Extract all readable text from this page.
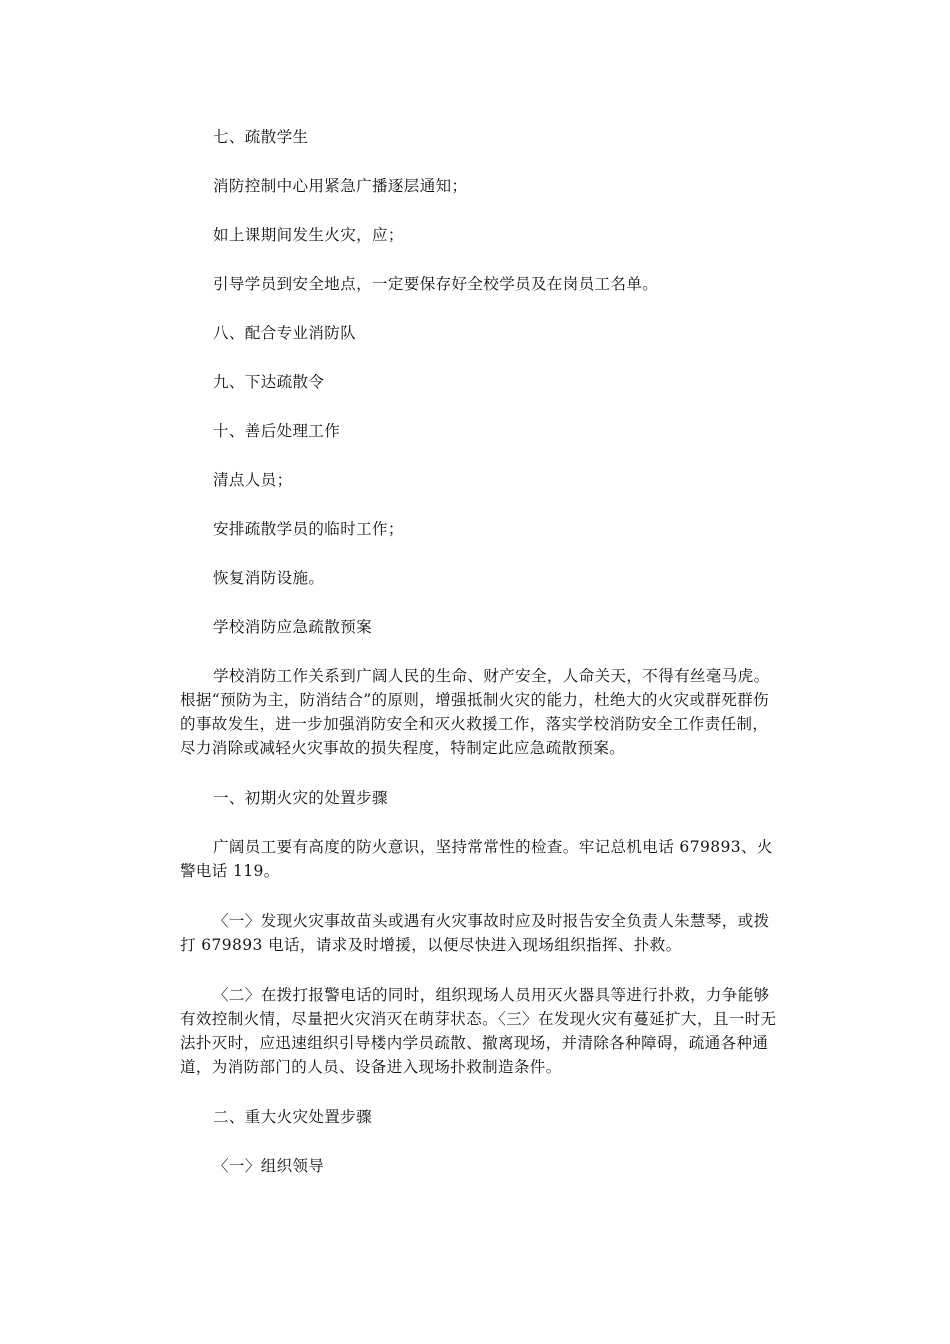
七、疏散学生

消防控制中心用紧急广播逐层通知；

如上课期间发生火灾，应；

引导学员到安全地点，一定要保存好全校学员及在岗员工名单。

八、配合专业消防队

九、下达疏散令

十、善后处理工作

清点人员；

安排疏散学员的临时工作；

恢复消防设施。

学校消防应急疏散预案

学校消防工作关系到广阔人民的生命、财产安全，人命关天，不得有丝毫马虎。根据“预防为主，防消结合”的原则，增强抵制火灾的能力，杜绝大的火灾或群死群伤的事故发生，进一步加强消防安全和灭火救援工作，落实学校消防安全工作责任制，尽力消除或减轻火灾事故的损失程度，特制定此应急疏散预案。

一、初期火灾的处置步骤

广阔员工要有高度的防火意识，坚持常常性的检查。牢记总机电话 679893、火警电话 119。

〈一〉发现火灾事故苗头或遇有火灾事故时应及时报告安全负责人朱慧琴，或拨打 679893 电话，请求及时增援，以便尽快进入现场组织指挥、扑救。

〈二〉在拨打报警电话的同时，组织现场人员用灭火器具等进行扑救，力争能够有效控制火情，尽量把火灾消灭在萌芽状态。〈三〉在发现火灾有蔓延扩大，且一时无法扑灭时，应迅速组织引导楼内学员疏散、撤离现场，并清除各种障碍，疏通各种通道，为消防部门的人员、设备进入现场扑救制造条件。

二、重大火灾处置步骤

〈一〉组织领导
